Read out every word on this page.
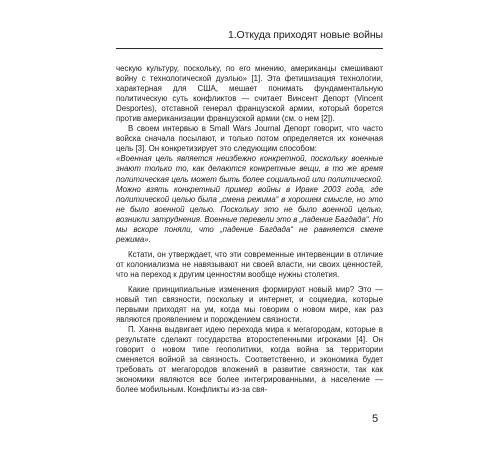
1.Откуда приходят новые войны

ческую культуру, поскольку, по его мнению, американцы смешивают войну с технологической дуэлью» [1]. Эта фетишизация технологии, характерная для США, мешает понимать фундаментальную политическую суть конфликтов — считает Винсент Депорт (Vincent Desportes), отставной генерал французской армии, который борется против американизации французской армии (см. о нем [2]).

В своем интервью в Small Wars Journal Депорт говорит, что часто войска сначала посылают, и только потом определяется их конечная цель [3]. Он конкретизирует это следующим способом:

«Военная цель является неизбежно конкретной, поскольку военные знают только то, как делаются конкретные вещи, в то же время политическая цель может быть более социальной или политической. Можно взять конкретный пример войны в Ираке 2003 года, где политической целью была „смена режима“ в хорошем смысле, но это не было военной целью. Поскольку это не было военной целью, возникли затруднения. Военные перевели это в „падение Багдада“. Но мы вскоре поняли, что „падение Багдада“ не равняется смене режима».

Кстати, он утверждает, что эти современные интервенции в отличие от колониализма не навязывают ни своей власти, ни своих ценностей, что на переход к другим ценностям вообще нужны столетия.

Какие принципиальные изменения формируют новый мир? Это — новый тип связности, поскольку и интернет, и соцмедиа, которые первыми приходят на ум, когда мы говорим о новом мире, как раз являются проявлением и порождением связности.

П. Ханна выдвигает идею перехода мира к мегагородам, которые в результате сделают государства второстепенными игроками [4]. Он говорит о новом типе геополитики, когда война за территории сменяется войной за связность. Соответственно, и экономика будет требовать от мегагородов вложений в развитие связности, так как экономики являются все более интегрированными, а население — более мобильным. Конфликты из-за свя-

5
